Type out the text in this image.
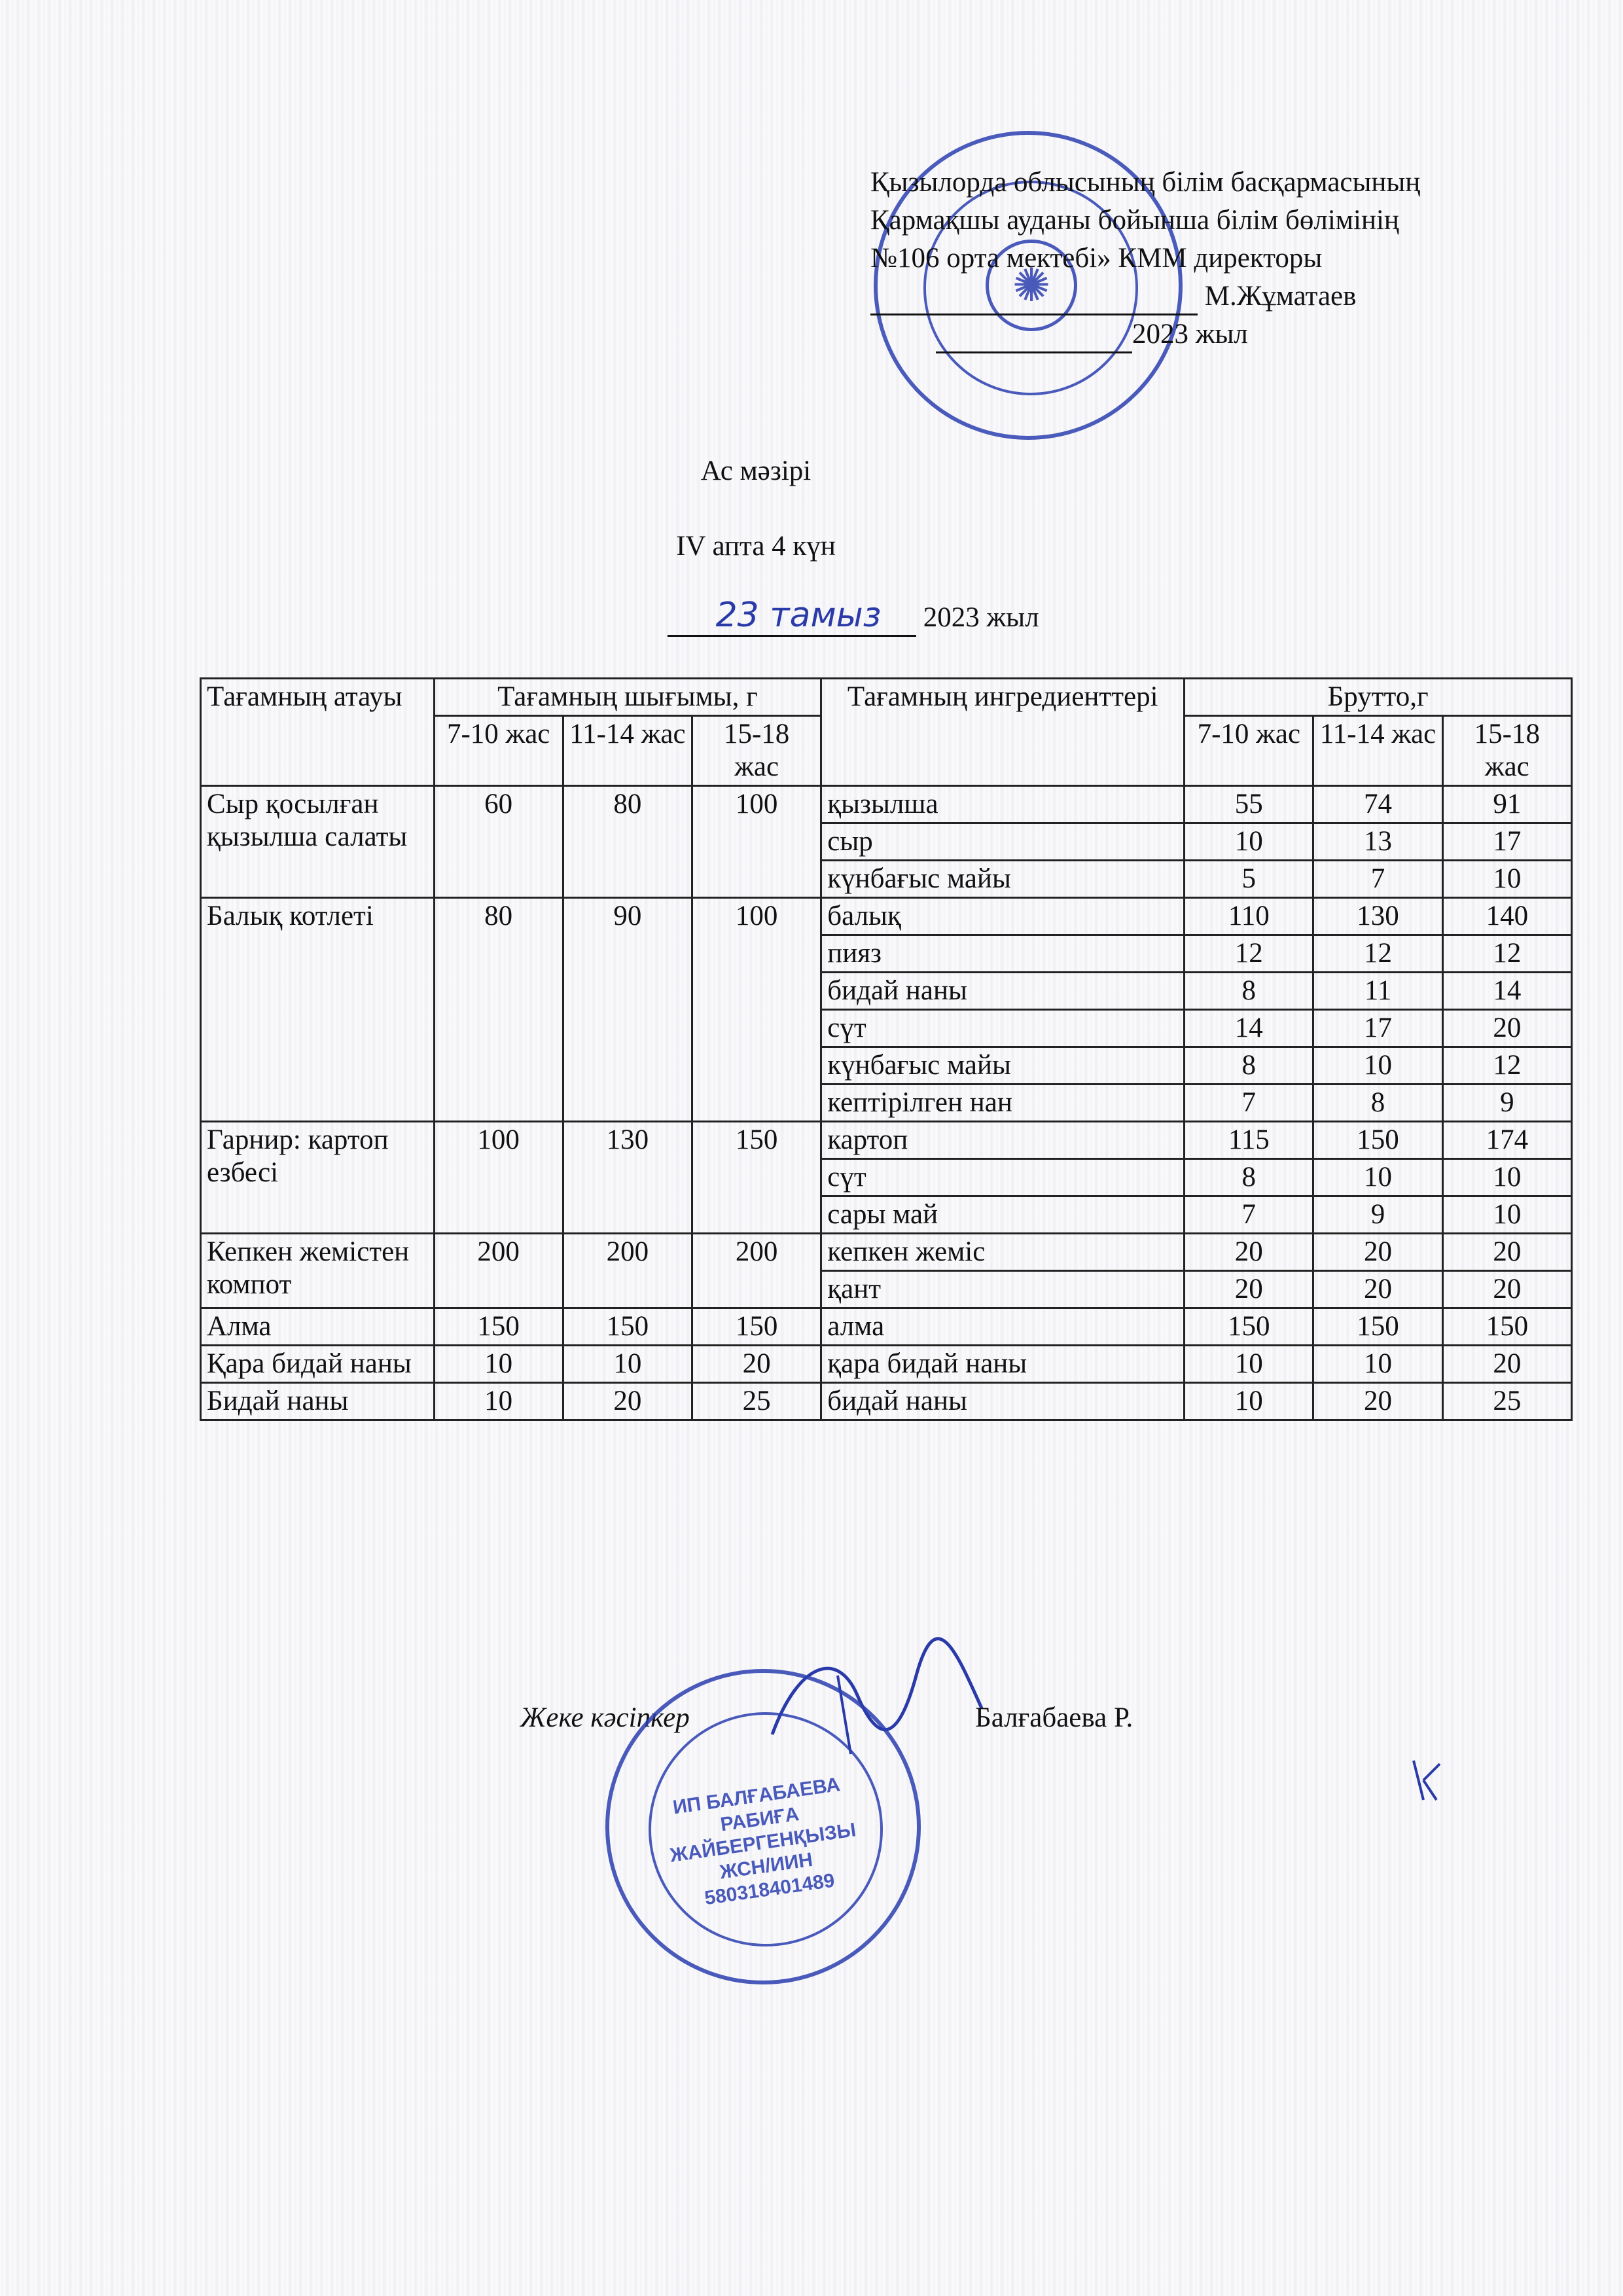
✺
Қызылорда облысының білім басқармасының
Қармақшы ауданы бойынша білім бөлімінің
№106 орта мектебі» КММ директоры
М.Жұматаев
2023 жыл
Ас мәзірі
IV апта 4 күн
23 тамыз 2023 жыл
Тағамның атауы	Тағамның шығымы, г			Тағамның ингредиенттері	Брутто,г		
	7-10 жас	11-14 жас	15-18 жас		7-10 жас	11-14 жас	15-18 жас
Сыр қосылған қызылша салаты	60	80	100	қызылша	55	74	91
				сыр	10	13	17
				күнбағыс майы	5	7	10
Балық котлеті	80	90	100	балық	110	130	140
				пияз	12	12	12
				бидай наны	8	11	14
				сүт	14	17	20
				күнбағыс майы	8	10	12
				кептірілген нан	7	8	9
Гарнир: картоп езбесі	100	130	150	картоп	115	150	174
				сүт	8	10	10
				сары май	7	9	10
Кепкен жемістен компот	200	200	200	кепкен жеміс	20	20	20
				қант	20	20	20
Алма	150	150	150	алма	150	150	150
Қара бидай наны	10	10	20	қара бидай наны	10	10	20
Бидай наны	10	20	25	бидай наны	10	20	25
Жеке кәсіпкер	Балғабаева Р.
ИП БАЛҒАБАЕВА РАБИҒА ЖАЙБЕРГЕНҚЫЗЫ ЖСН/ИИН 580318401489
